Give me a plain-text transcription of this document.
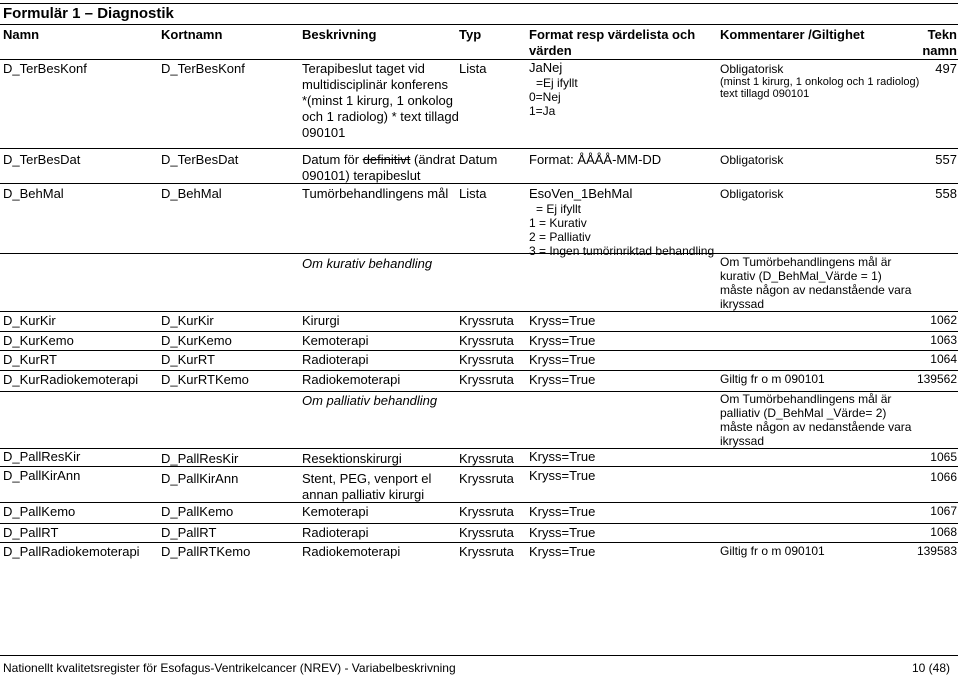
Formulär 1 – Diagnostik
Namn	Kortnamn	Beskrivning	Typ	Format resp värdelista och
värden
Kommentarer /Giltighet	Tekn
namn
D_TerBesKonf	D_TerBesKonf	Terapibeslut taget vid
multidisciplinär konferens
*(minst 1 kirurg, 1 onkolog
och 1 radiolog) * text tillagd
090101
Lista	JaNej
=Ej ifyllt
0=Nej
1=Ja
Obligatorisk
(minst 1 kirurg, 1 onkolog och 1 radiolog)
text tillagd 090101
497
D_TerBesDat	D_TerBesDat	Datum för definitivt (ändrat
090101) terapibeslut
Datum Format: ÅÅÅÅ-MM-DD	Obligatorisk	557
D_BehMal	D_BehMal	Tumörbehandlingens mål Lista	EsoVen_1BehMal
= Ej ifyllt
1 = Kurativ
2 = Palliativ
3 = Ingen tumörinriktad behandling
Obligatorisk	558
Om kurativ behandling	Om Tumörbehandlingens mål är
kurativ (D_BehMal_Värde = 1)
måste någon av nedanstående vara
ikryssad
D_KurKir	D_KurKir	Kirurgi	Kryssruta Kryss=True	1062
D_KurKemo	D_KurKemo	Kemoterapi	Kryssruta Kryss=True	1063
D_KurRT	D_KurRT	Radioterapi	Kryssruta Kryss=True	1064
D_KurRadiokemoterapi D_KurRTKemo	Radiokemoterapi	Kryssruta Kryss=True	Giltig fr o m 090101	139562
Om palliativ behandling	Om Tumörbehandlingens mål är
palliativ (D_BehMal _Värde= 2)
måste någon av nedanstående vara
ikryssad
D_PallResKir	D_PallResKir	Resektionskirurgi	Kryssruta Kryss=True	1065
D_PallKirAnn	D_PallKirAnn	Stent, PEG, venport el
annan palliativ kirurgi
Kryssruta Kryss=True	1066
D_PallKemo	D_PallKemo	Kemoterapi	Kryssruta Kryss=True	1067
D_PallRT	D_PallRT	Radioterapi	Kryssruta Kryss=True	1068
D_PallRadiokemoterapi D_PallRTKemo	Radiokemoterapi	Kryssruta Kryss=True	Giltig fr o m 090101	139583
Nationellt kvalitetsregister för Esofagus-Ventrikelcancer (NREV) - Variabelbeskrivning	10 (48)
